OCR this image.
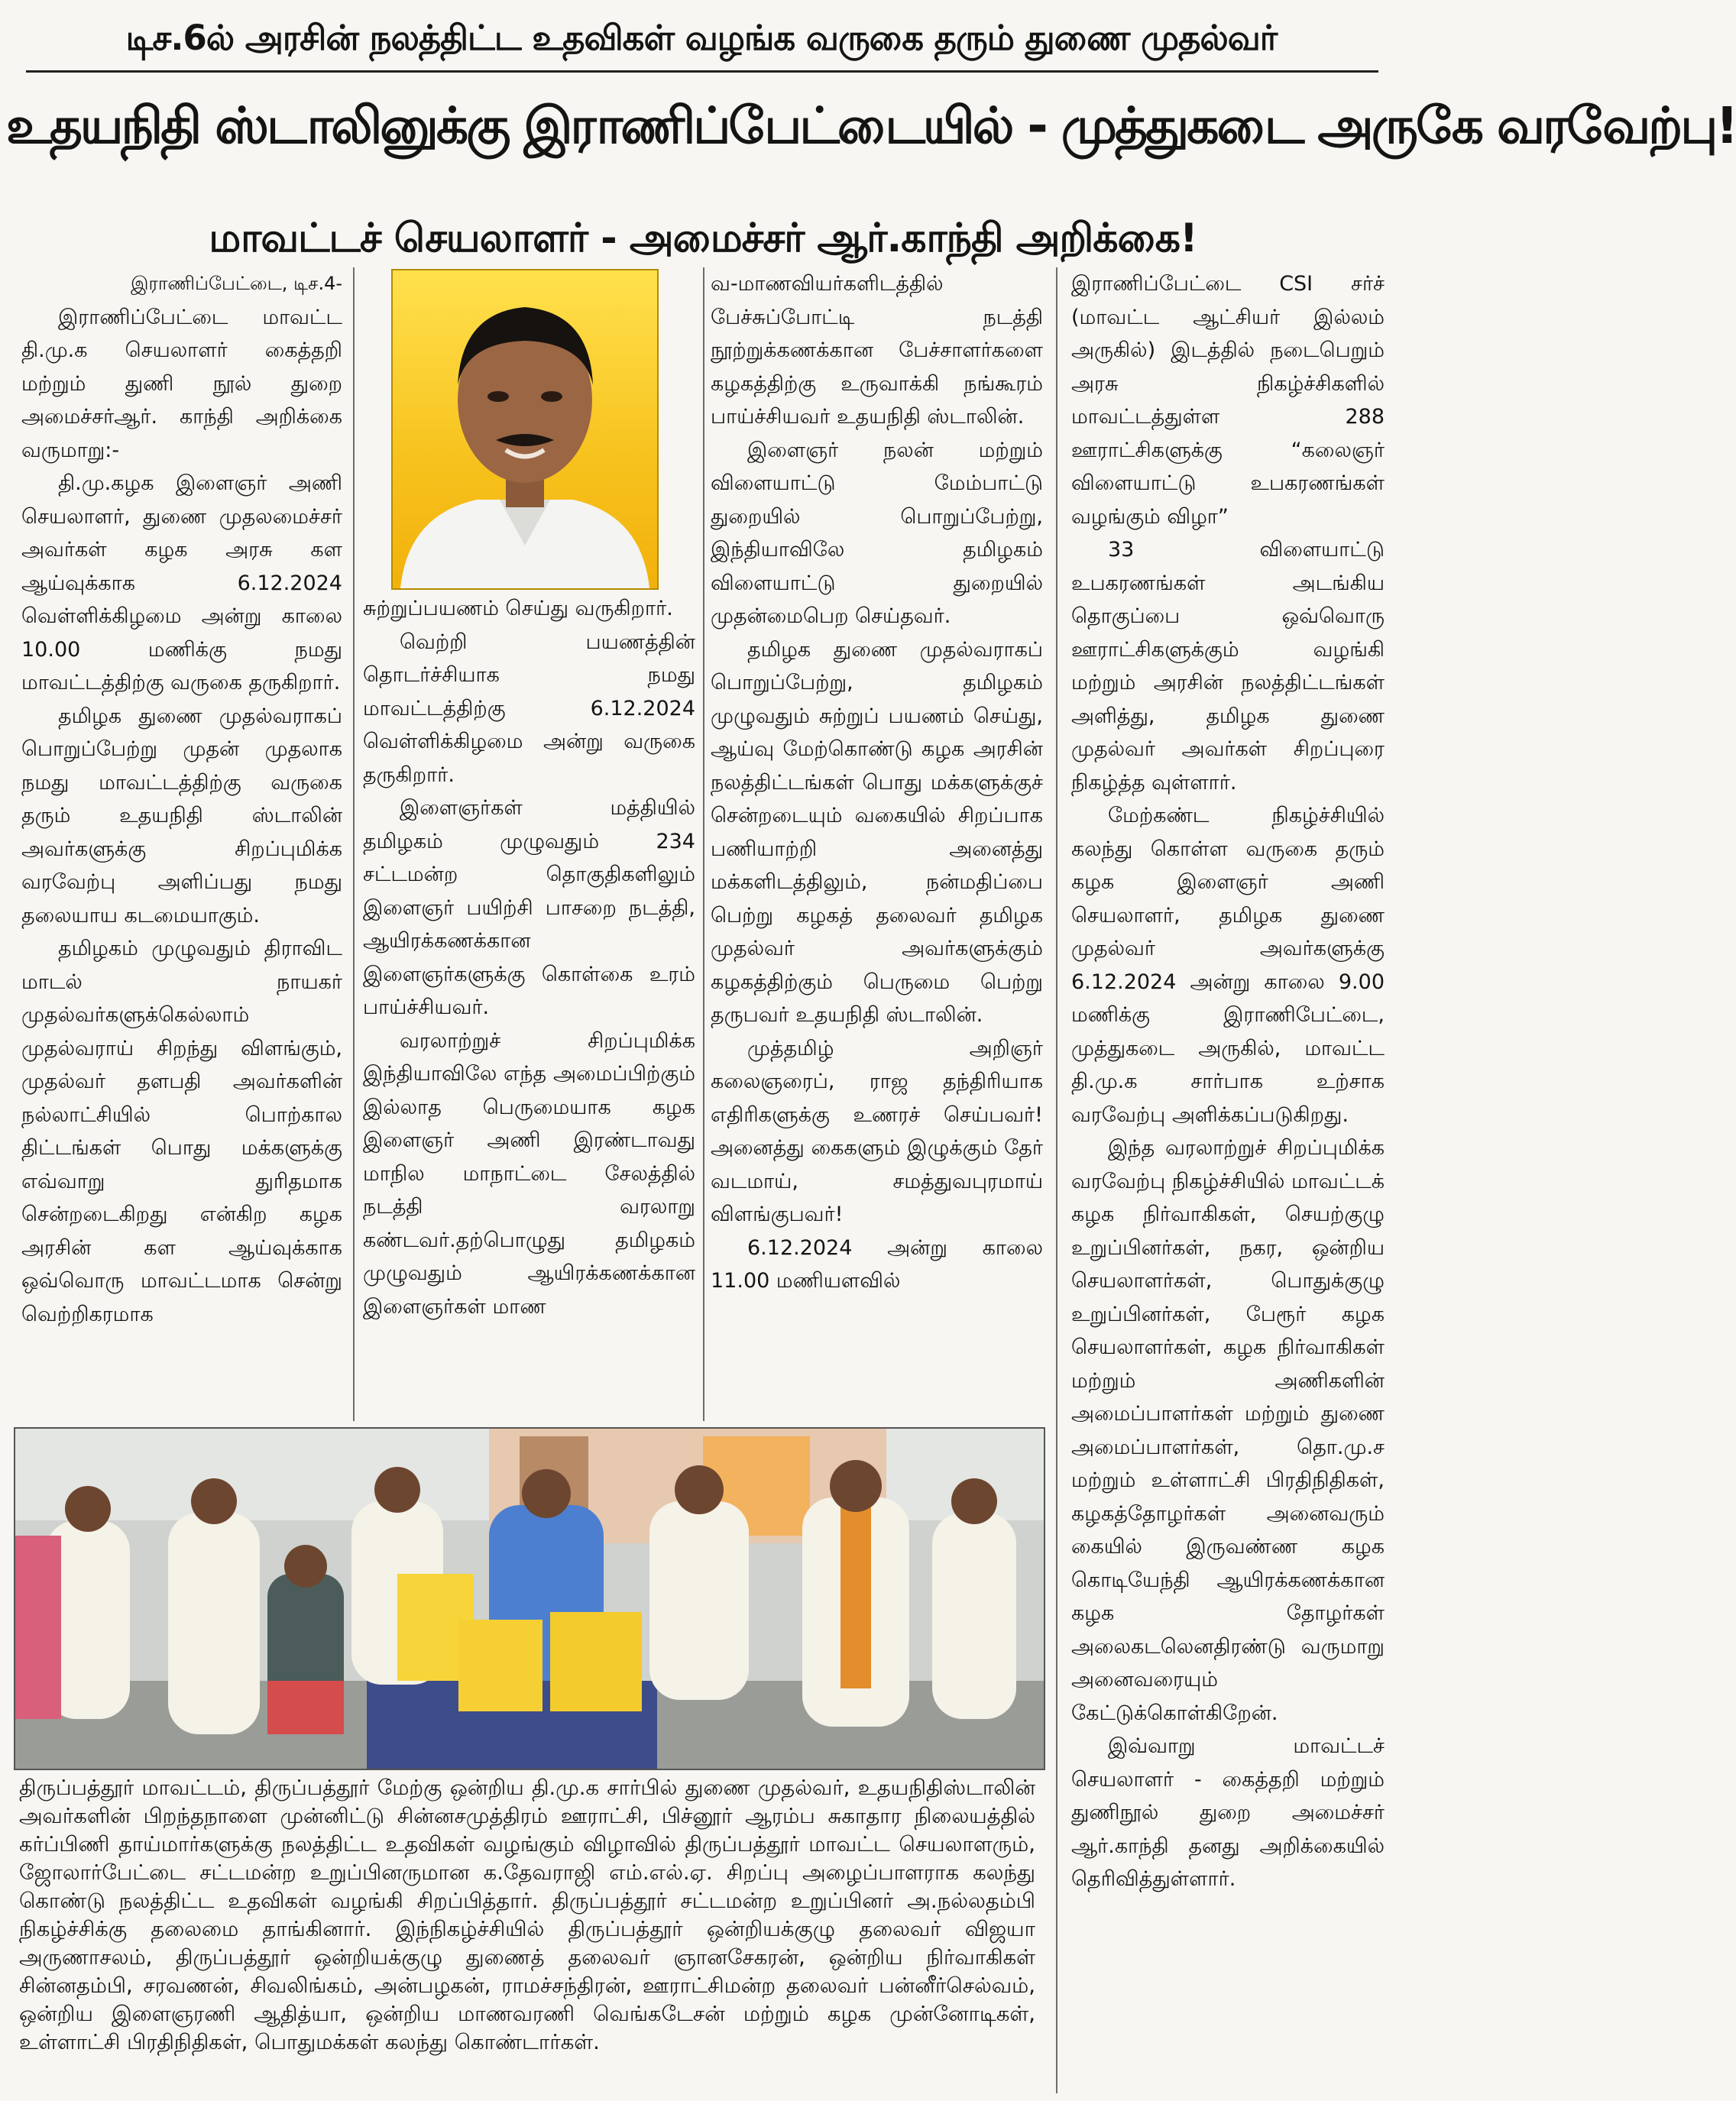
டிச.6ல் அரசின் நலத்திட்ட உதவிகள் வழங்க வருகை தரும் துணை முதல்வர்
உதயநிதி ஸ்டாலினுக்கு இராணிப்பேட்டையில் - முத்துகடை அருகே வரவேற்பு!
மாவட்டச் செயலாளர் - அமைச்சர் ஆர்.காந்தி அறிக்கை!

இராணிப்பேட்டை, டிச.4-

இராணிப்பேட்டை மாவட்ட தி.மு.க செயலாளர் கைத்தறி மற்றும் துணி நூல் துறை அமைச்சர்ஆர். காந்தி அறிக்கை வருமாறு:-

தி.மு.கழக இளைஞர் அணி செயலாளர், துணை முதலமைச்சர் அவர்கள் கழக அரசு கள ஆய்வுக்காக 6.12.2024 வெள்ளிக்கிழமை அன்று காலை 10.00 மணிக்கு நமது மாவட்டத்திற்கு வருகை தருகிறார்.

தமிழக துணை முதல்வராகப் பொறுப்பேற்று முதன் முதலாக நமது மாவட்டத்திற்கு வருகை தரும் உதயநிதி ஸ்டாலின் அவர்களுக்கு சிறப்புமிக்க வரவேற்பு அளிப்பது நமது தலையாய கடமையாகும்.

தமிழகம் முழுவதும் திராவிட மாடல் நாயகர் முதல்வர்களுக்கெல்லாம் முதல்வராய் சிறந்து விளங்கும், முதல்வர் தளபதி அவர்களின் நல்லாட்சியில் பொற்கால திட்டங்கள் பொது மக்களுக்கு எவ்வாறு துரிதமாக சென்றடைகிறது என்கிற கழக அரசின் கள ஆய்வுக்காக ஒவ்வொரு மாவட்டமாக சென்று வெற்றிகரமாக

சுற்றுப்பயணம் செய்து வருகிறார்.

வெற்றி பயணத்தின் தொடர்ச்சியாக நமது மாவட்டத்திற்கு 6.12.2024 வெள்ளிக்கிழமை அன்று வருகை தருகிறார்.

இளைஞர்கள் மத்தியில் தமிழகம் முழுவதும் 234 சட்டமன்ற தொகுதிகளிலும் இளைஞர் பயிற்சி பாசறை நடத்தி, ஆயிரக்கணக்கான இளைஞர்களுக்கு கொள்கை உரம் பாய்ச்சியவர்.

வரலாற்றுச் சிறப்புமிக்க இந்தியாவிலே எந்த அமைப்பிற்கும் இல்லாத பெருமையாக கழக இளைஞர் அணி இரண்டாவது மாநில மாநாட்டை சேலத்தில் நடத்தி வரலாறு கண்டவர்.தற்பொழுது தமிழகம் முழுவதும் ஆயிரக்கணக்கான இளைஞர்கள் மாண

வ-மாணவியர்களிடத்தில் பேச்சுப்போட்டி நடத்தி நூற்றுக்கணக்கான பேச்சாளர்களை கழகத்திற்கு உருவாக்கி நங்கூரம் பாய்ச்சியவர் உதயநிதி ஸ்டாலின்.

இளைஞர் நலன் மற்றும் விளையாட்டு மேம்பாட்டு துறையில் பொறுப்பேற்று, இந்தியாவிலே தமிழகம் விளையாட்டு துறையில் முதன்மைபெற செய்தவர்.

தமிழக துணை முதல்வராகப் பொறுப்பேற்று, தமிழகம் முழுவதும் சுற்றுப் பயணம் செய்து, ஆய்வு மேற்கொண்டு கழக அரசின் நலத்திட்டங்கள் பொது மக்களுக்குச் சென்றடையும் வகையில் சிறப்பாக பணியாற்றி அனைத்து மக்களிடத்திலும், நன்மதிப்பை பெற்று கழகத் தலைவர் தமிழக முதல்வர் அவர்களுக்கும் கழகத்திற்கும் பெருமை பெற்று தருபவர் உதயநிதி ஸ்டாலின்.

முத்தமிழ் அறிஞர் கலைஞரைப், ராஜ தந்திரியாக எதிரிகளுக்கு உணரச் செய்பவர்! அனைத்து கைகளும் இழுக்கும் தேர் வடமாய், சமத்துவபுரமாய் விளங்குபவர்!

6.12.2024 அன்று காலை 11.00 மணியளவில்

இராணிப்பேட்டை CSI சர்ச் (மாவட்ட ஆட்சியர் இல்லம் அருகில்) இடத்தில் நடைபெறும் அரசு நிகழ்ச்சிகளில் மாவட்டத்துள்ள 288 ஊராட்சிகளுக்கு “கலைஞர் விளையாட்டு உபகரணங்கள் வழங்கும் விழா”

33 விளையாட்டு உபகரணங்கள் அடங்கிய தொகுப்பை ஒவ்வொரு ஊராட்சிகளுக்கும் வழங்கி மற்றும் அரசின் நலத்திட்டங்கள் அளித்து, தமிழக துணை முதல்வர் அவர்கள் சிறப்புரை நிகழ்த்த வுள்ளார்.

மேற்கண்ட நிகழ்ச்சியில் கலந்து கொள்ள வருகை தரும் கழக இளைஞர் அணி செயலாளர், தமிழக துணை முதல்வர் அவர்களுக்கு 6.12.2024 அன்று காலை 9.00 மணிக்கு இராணிபேட்டை, முத்துகடை அருகில், மாவட்ட தி.மு.க சார்பாக உற்சாக வரவேற்பு அளிக்கப்படுகிறது.

இந்த வரலாற்றுச் சிறப்புமிக்க வரவேற்பு நிகழ்ச்சியில் மாவட்டக் கழக நிர்வாகிகள், செயற்குழு உறுப்பினர்கள், நகர, ஒன்றிய செயலாளர்கள், பொதுக்குழு உறுப்பினர்கள், பேரூர் கழக செயலாளர்கள், கழக நிர்வாகிகள் மற்றும் அணிகளின் அமைப்பாளர்கள் மற்றும் துணை அமைப்பாளர்கள், தொ.மு.ச மற்றும் உள்ளாட்சி பிரதிநிதிகள், கழகத்தோழர்கள் அனைவரும் கையில் இருவண்ண கழக கொடியேந்தி ஆயிரக்கணக்கான கழக தோழர்கள் அலைகடலெனதிரண்டு வருமாறு அனைவரையும் கேட்டுக்கொள்கிறேன்.

இவ்வாறு மாவட்டச் செயலாளர் - கைத்தறி மற்றும் துணிநூல் துறை அமைச்சர் ஆர்.காந்தி தனது அறிக்கையில் தெரிவித்துள்ளார்.

திருப்பத்தூர் மாவட்டம், திருப்பத்தூர் மேற்கு ஒன்றிய தி.மு.க சார்பில் துணை முதல்வர், உதயநிதிஸ்டாலின் அவர்களின் பிறந்தநாளை முன்னிட்டு சின்னசமுத்திரம் ஊராட்சி, பிச்னூர் ஆரம்ப சுகாதார நிலையத்தில் கர்ப்பிணி தாய்மார்களுக்கு நலத்திட்ட உதவிகள் வழங்கும் விழாவில் திருப்பத்தூர் மாவட்ட செயலாளரும், ஜோலார்பேட்டை சட்டமன்ற உறுப்பினருமான க.தேவராஜி எம்.எல்.ஏ. சிறப்பு அழைப்பாளராக கலந்து கொண்டு நலத்திட்ட உதவிகள் வழங்கி சிறப்பித்தார். திருப்பத்தூர் சட்டமன்ற உறுப்பினர் அ.நல்லதம்பி நிகழ்ச்சிக்கு தலைமை தாங்கினார். இந்நிகழ்ச்சியில் திருப்பத்தூர் ஒன்றியக்குழு தலைவர் விஜயா அருணாசலம், திருப்பத்தூர் ஒன்றியக்குழு துணைத் தலைவர் ஞானசேகரன், ஒன்றிய நிர்வாகிகள் சின்னதம்பி, சரவணன், சிவலிங்கம், அன்பழகன், ராமச்சந்திரன், ஊராட்சிமன்ற தலைவர் பன்னீர்செல்வம், ஒன்றிய இளைஞரணி ஆதித்யா, ஒன்றிய மாணவரணி வெங்கடேசன் மற்றும் கழக முன்னோடிகள், உள்ளாட்சி பிரதிநிதிகள், பொதுமக்கள் கலந்து கொண்டார்கள்.
